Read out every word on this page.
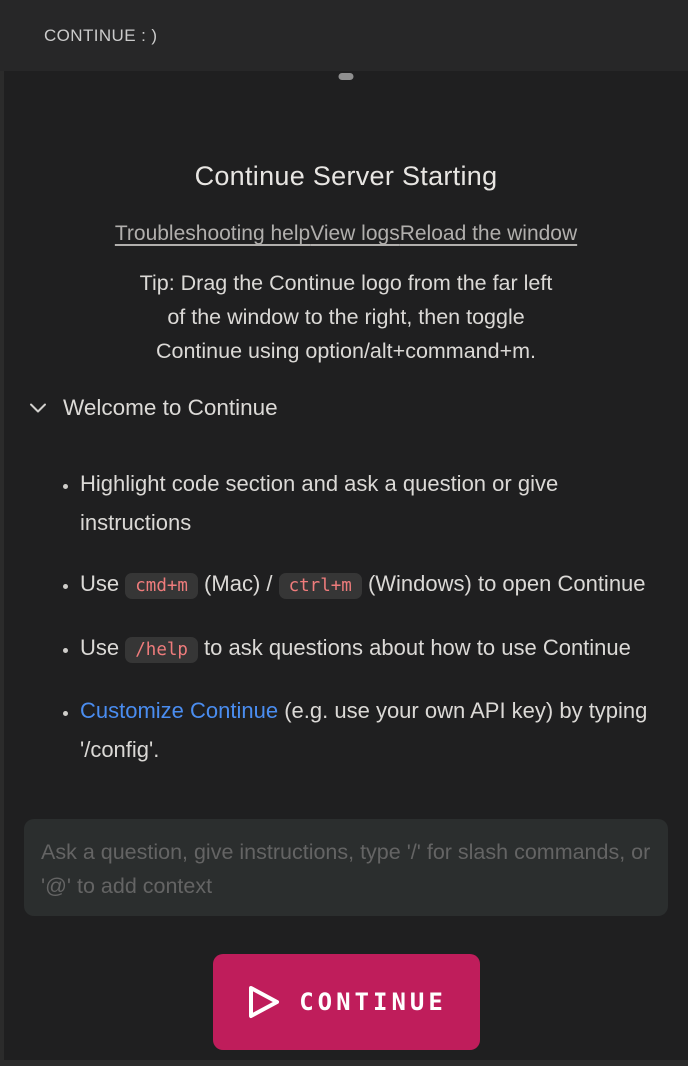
CONTINUE : )
Continue Server Starting
Troubleshooting help View logs Reload the window
Tip: Drag the Continue logo from the far left
of the window to the right, then toggle
Continue using option/alt+command+m.
Welcome to Continue
• Highlight code section and ask a question or give instructions
• Use cmd+m (Mac) / ctrl+m (Windows) to open Continue
• Use /help to ask questions about how to use Continue
• Customize Continue (e.g. use your own API key) by typing '/config'.
Ask a question, give instructions, type '/' for slash commands, or '@' to add context
CONTINUE
